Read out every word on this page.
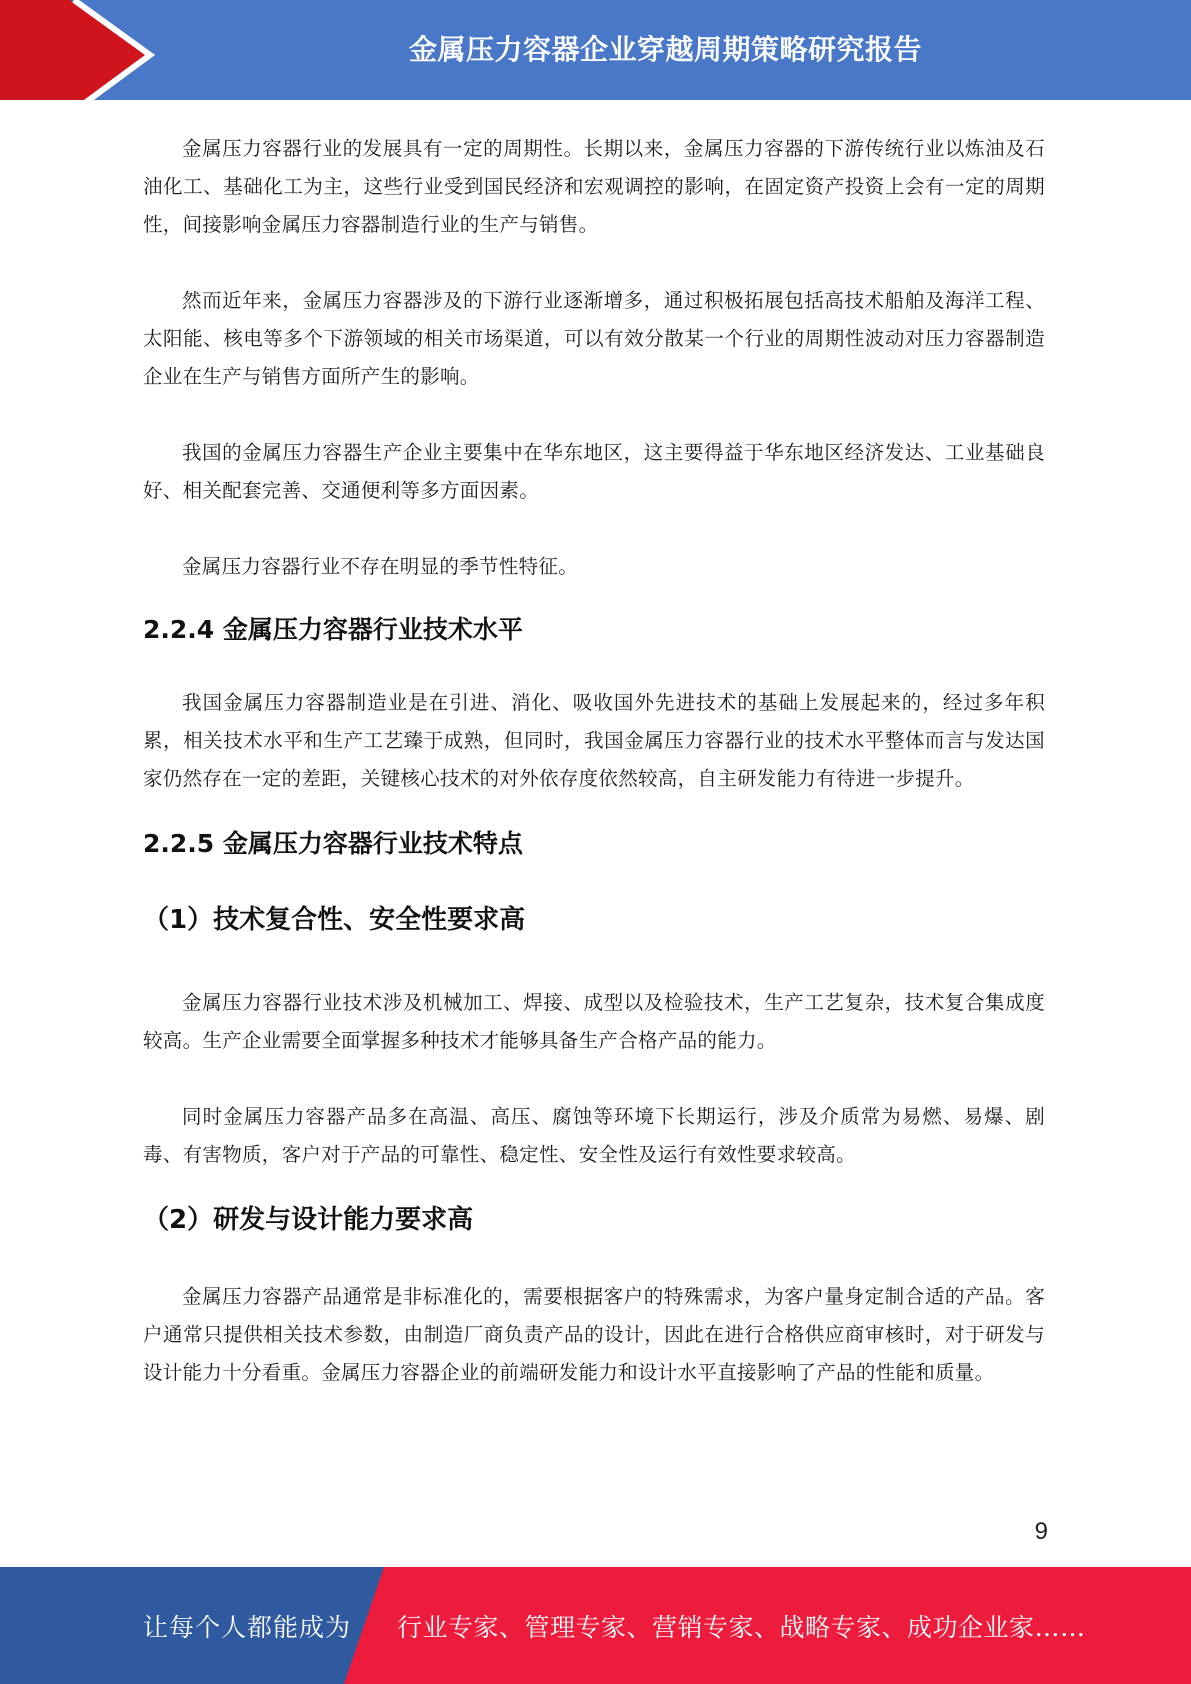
金属压力容器企业穿越周期策略研究报告

金属压力容器行业的发展具有一定的周期性。长期以来，金属压力容器的下游传统行业以炼油及石油化工、基础化工为主，这些行业受到国民经济和宏观调控的影响，在固定资产投资上会有一定的周期性，间接影响金属压力容器制造行业的生产与销售。

然而近年来，金属压力容器涉及的下游行业逐渐增多，通过积极拓展包括高技术船舶及海洋工程、太阳能、核电等多个下游领域的相关市场渠道，可以有效分散某一个行业的周期性波动对压力容器制造企业在生产与销售方面所产生的影响。

我国的金属压力容器生产企业主要集中在华东地区，这主要得益于华东地区经济发达、工业基础良好、相关配套完善、交通便利等多方面因素。

金属压力容器行业不存在明显的季节性特征。

2.2.4 金属压力容器行业技术水平

我国金属压力容器制造业是在引进、消化、吸收国外先进技术的基础上发展起来的，经过多年积累，相关技术水平和生产工艺臻于成熟，但同时，我国金属压力容器行业的技术水平整体而言与发达国家仍然存在一定的差距，关键核心技术的对外依存度依然较高，自主研发能力有待进一步提升。

2.2.5 金属压力容器行业技术特点
（1）技术复合性、安全性要求高

金属压力容器行业技术涉及机械加工、焊接、成型以及检验技术，生产工艺复杂，技术复合集成度较高。生产企业需要全面掌握多种技术才能够具备生产合格产品的能力。

同时金属压力容器产品多在高温、高压、腐蚀等环境下长期运行，涉及介质常为易燃、易爆、剧毒、有害物质，客户对于产品的可靠性、稳定性、安全性及运行有效性要求较高。

（2）研发与设计能力要求高

金属压力容器产品通常是非标准化的，需要根据客户的特殊需求，为客户量身定制合适的产品。客户通常只提供相关技术参数，由制造厂商负责产品的设计，因此在进行合格供应商审核时，对于研发与设计能力十分看重。金属压力容器企业的前端研发能力和设计水平直接影响了产品的性能和质量。

9
让每个人都能成为 行业专家、管理专家、营销专家、战略专家、成功企业家……
